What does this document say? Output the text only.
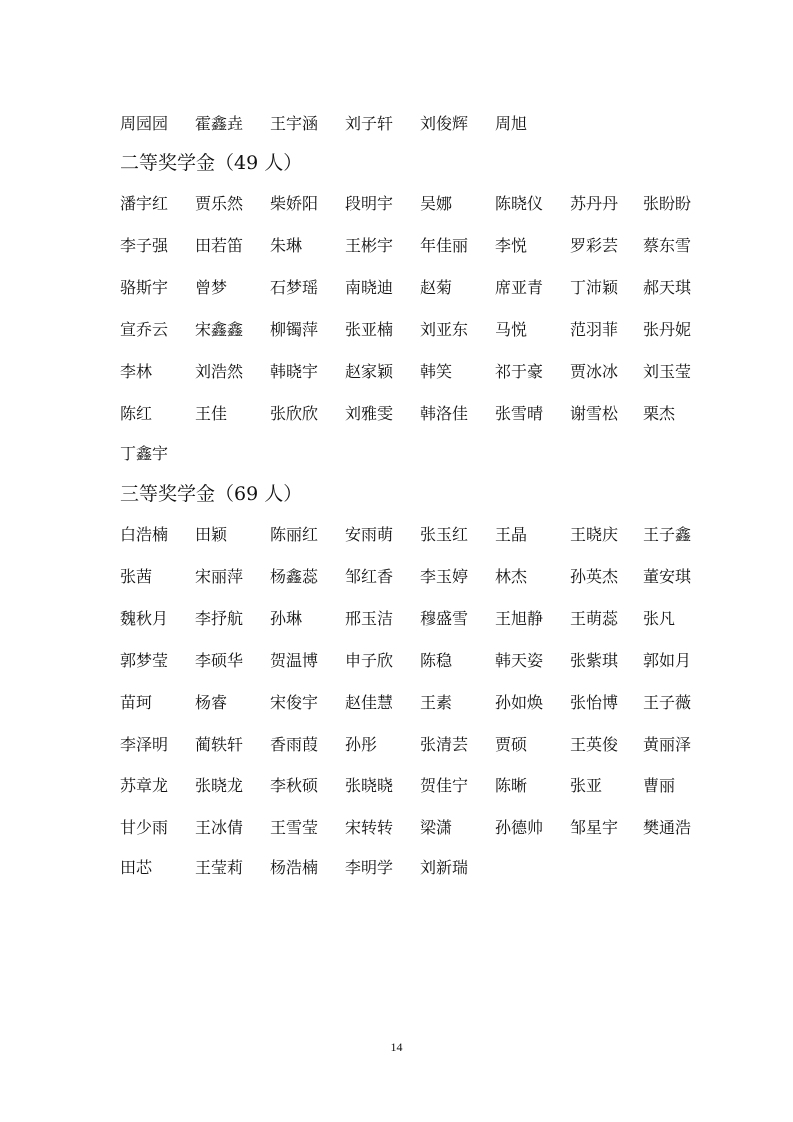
周园园 霍鑫垚 王宇涵 刘子轩 刘俊辉 周旭
二等奖学金（49 人）
潘宇红 贾乐然 柴娇阳 段明宇 吴娜	陈晓仪 苏丹丹 张盼盼
李子强 田若笛 朱琳	王彬宇 年佳丽 李悦	罗彩芸 蔡东雪
骆斯宇 曾梦	石梦瑶 南晓迪 赵菊	席亚青 丁沛颖 郝天琪
宣乔云 宋鑫鑫 柳镯萍 张亚楠 刘亚东 马悦	范羽菲 张丹妮
李林	刘浩然 韩晓宇 赵家颖 韩笑	祁于豪 贾冰冰 刘玉莹
陈红	王佳	张欣欣 刘雅雯 韩洛佳 张雪晴 谢雪松 栗杰
丁鑫宇
三等奖学金（69 人）
白浩楠 田颖	陈丽红 安雨萌 张玉红 王晶	王晓庆 王子鑫
张茜	宋丽萍 杨鑫蕊 邹红香 李玉婷 林杰	孙英杰 董安琪
魏秋月 李抒航 孙琳	邢玉洁 穆盛雪 王旭静 王萌蕊 张凡
郭梦莹 李硕华 贺温博 申子欣 陈稳	韩天姿 张紫琪 郭如月
苗珂	杨睿	宋俊宇 赵佳慧 王素	孙如焕 张怡博 王子薇
李泽明 蔺轶轩 香雨葭 孙彤	张清芸 贾硕	王英俊 黄丽泽
苏章龙 张晓龙 李秋硕 张晓晓 贺佳宁 陈晰	张亚	曹丽
甘少雨 王冰倩 王雪莹 宋转转 梁潇	孙德帅 邹星宇 樊通浩
田芯	王莹莉 杨浩楠 李明学 刘新瑞
14
